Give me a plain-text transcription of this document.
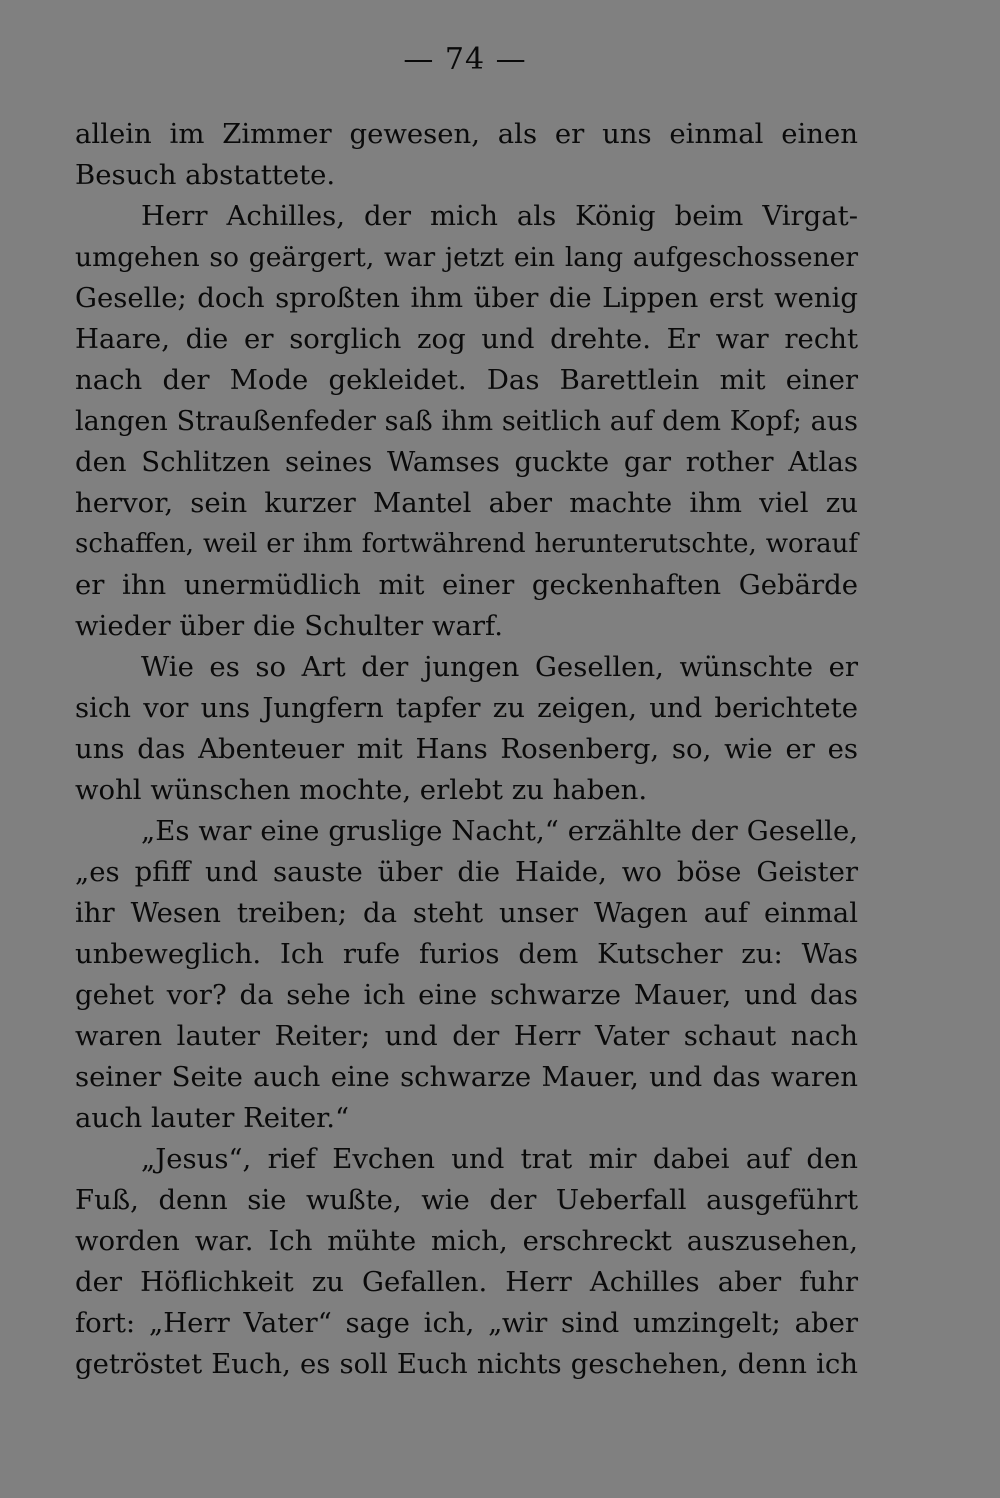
— 74 —
allein im Zimmer gewesen, als er uns einmal einen
Besuch abstattete.
Herr Achilles, der mich als König beim Virgat-
umgehen so geärgert, war jetzt ein lang aufgeschossener
Geselle; doch sproßten ihm über die Lippen erst wenig
Haare, die er sorglich zog und drehte. Er war recht
nach der Mode gekleidet. Das Barettlein mit einer
langen Straußenfeder saß ihm seitlich auf dem Kopf; aus
den Schlitzen seines Wamses guckte gar rother Atlas
hervor, sein kurzer Mantel aber machte ihm viel zu
schaffen, weil er ihm fortwährend herunterutschte, worauf
er ihn unermüdlich mit einer geckenhaften Gebärde
wieder über die Schulter warf.
Wie es so Art der jungen Gesellen, wünschte er
sich vor uns Jungfern tapfer zu zeigen, und berichtete
uns das Abenteuer mit Hans Rosenberg, so, wie er es
wohl wünschen mochte, erlebt zu haben.
„Es war eine gruslige Nacht,“ erzählte der Geselle,
„es pfiff und sauste über die Haide, wo böse Geister
ihr Wesen treiben; da steht unser Wagen auf einmal
unbeweglich. Ich rufe furios dem Kutscher zu: Was
gehet vor? da sehe ich eine schwarze Mauer, und das
waren lauter Reiter; und der Herr Vater schaut nach
seiner Seite auch eine schwarze Mauer, und das waren
auch lauter Reiter.“
„Jesus“, rief Evchen und trat mir dabei auf den
Fuß, denn sie wußte, wie der Ueberfall ausgeführt
worden war. Ich mühte mich, erschreckt auszusehen,
der Höflichkeit zu Gefallen. Herr Achilles aber fuhr
fort: „Herr Vater“ sage ich, „wir sind umzingelt; aber
getröstet Euch, es soll Euch nichts geschehen, denn ich
